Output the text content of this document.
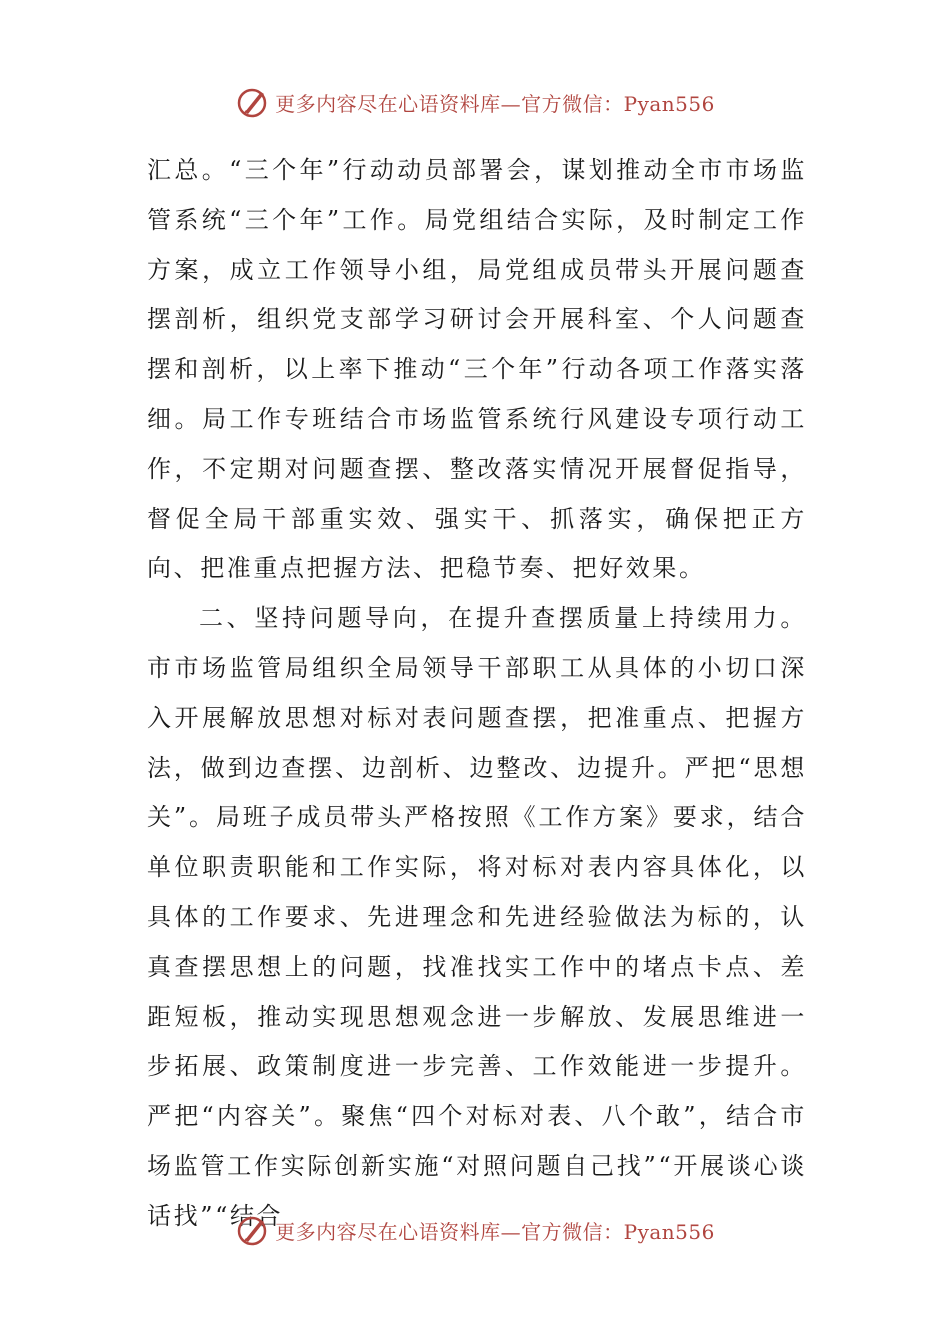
更多内容尽在心语资料库—官方微信：Pyan556

汇总。“三个年”行动动员部署会，谋划推动全市市场监管系统“三个年”工作。局党组结合实际，及时制定工作方案，成立工作领导小组，局党组成员带头开展问题查摆剖析，组织党支部学习研讨会开展科室、个人问题查摆和剖析，以上率下推动“三个年”行动各项工作落实落细。局工作专班结合市场监管系统行风建设专项行动工作，不定期对问题查摆、整改落实情况开展督促指导，督促全局干部重实效、强实干、抓落实，确保把正方向、把准重点把握方法、把稳节奏、把好效果。

二、坚持问题导向，在提升查摆质量上持续用力。市市场监管局组织全局领导干部职工从具体的小切口深入开展解放思想对标对表问题查摆，把准重点、把握方法，做到边查摆、边剖析、边整改、边提升。严把“思想关”。局班子成员带头严格按照《工作方案》要求，结合单位职责职能和工作实际，将对标对表内容具体化，以具体的工作要求、先进理念和先进经验做法为标的，认真查摆思想上的问题，找准找实工作中的堵点卡点、差距短板，推动实现思想观念进一步解放、发展思维进一步拓展、政策制度进一步完善、工作效能进一步提升。严把“内容关”。聚焦“四个对标对表、八个敢”，结合市场监管工作实际创新实施“对照问题自己找”“开展谈心谈话找”“结合

更多内容尽在心语资料库—官方微信：Pyan556
